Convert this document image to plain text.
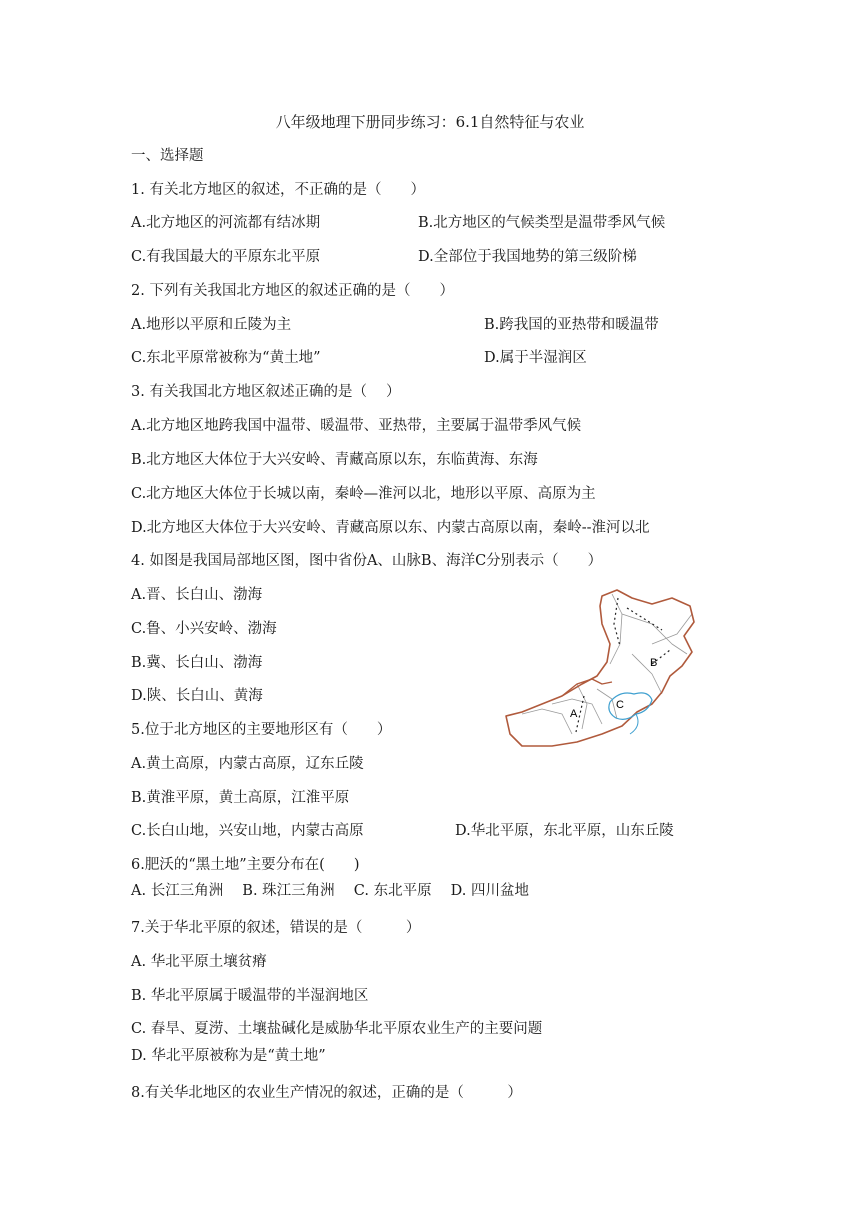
八年级地理下册同步练习：6.1自然特征与农业
一、选择题
1. 有关北方地区的叙述，不正确的是（　　）
A.北方地区的河流都有结冰期	B.北方地区的气候类型是温带季风气候
C.有我国最大的平原东北平原	D.全部位于我国地势的第三级阶梯
2. 下列有关我国北方地区的叙述正确的是（　　）
A.地形以平原和丘陵为主	B.跨我国的亚热带和暖温带
C.东北平原常被称为“黄土地”	D.属于半湿润区
3. 有关我国北方地区叙述正确的是（　 ）
A.北方地区地跨我国中温带、暖温带、亚热带，主要属于温带季风气候
B.北方地区大体位于大兴安岭、青藏高原以东，东临黄海、东海
C.北方地区大体位于长城以南，秦岭—淮河以北，地形以平原、高原为主
D.北方地区大体位于大兴安岭、青藏高原以东、内蒙古高原以南，秦岭--淮河以北
4. 如图是我国局部地区图，图中省份A、山脉B、海洋C分别表示（　　）
A.晋、长白山、渤海
C.鲁、小兴安岭、渤海
B.冀、长白山、渤海
D.陕、长白山、黄海
B
A
C
5.位于北方地区的主要地形区有（　　）
A.黄土高原，内蒙古高原，辽东丘陵
B.黄淮平原，黄土高原，江淮平原
C.长白山地，兴安山地，内蒙古高原	D.华北平原，东北平原，山东丘陵
6.肥沃的“黑土地”主要分布在(　　)
A. 长江三角洲　 B. 珠江三角洲　 C. 东北平原　 D. 四川盆地
7.关于华北平原的叙述，错误的是（　　　）
A. 华北平原土壤贫瘠
B. 华北平原属于暖温带的半湿润地区
C. 春旱、夏涝、土壤盐碱化是威胁华北平原农业生产的主要问题
D. 华北平原被称为是“黄土地”
8.有关华北地区的农业生产情况的叙述，正确的是（　　　）
